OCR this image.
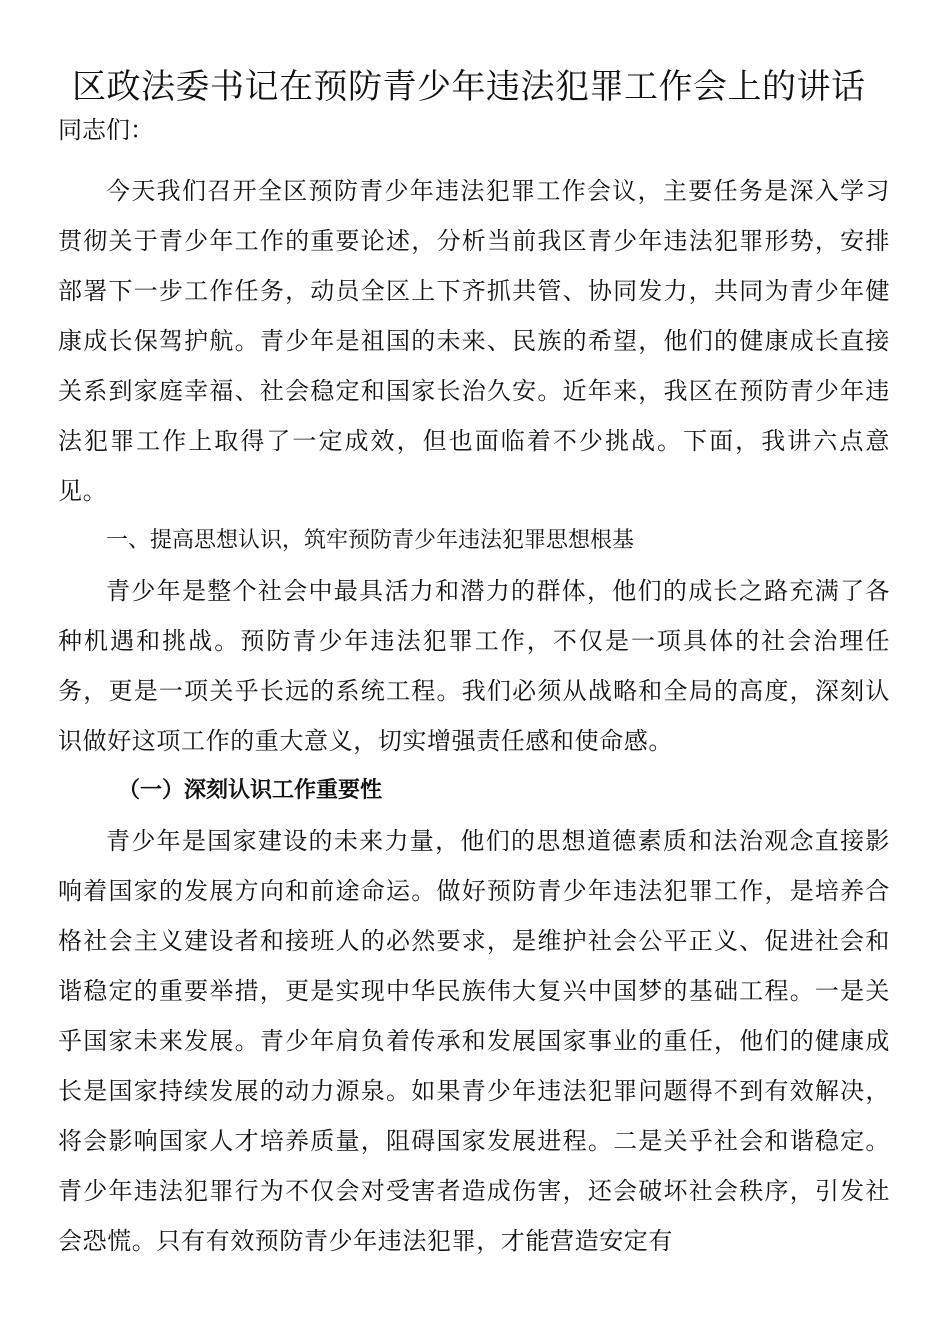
区政法委书记在预防青少年违法犯罪工作会上的讲话

同志们：

今天我们召开全区预防青少年违法犯罪工作会议，主要任务是深入学习贯彻关于青少年工作的重要论述，分析当前我区青少年违法犯罪形势，安排部署下一步工作任务，动员全区上下齐抓共管、协同发力，共同为青少年健康成长保驾护航。青少年是祖国的未来、民族的希望，他们的健康成长直接关系到家庭幸福、社会稳定和国家长治久安。近年来，我区在预防青少年违法犯罪工作上取得了一定成效，但也面临着不少挑战。下面，我讲六点意见。

一、提高思想认识，筑牢预防青少年违法犯罪思想根基

青少年是整个社会中最具活力和潜力的群体，他们的成长之路充满了各种机遇和挑战。预防青少年违法犯罪工作，不仅是一项具体的社会治理任务，更是一项关乎长远的系统工程。我们必须从战略和全局的高度，深刻认识做好这项工作的重大意义，切实增强责任感和使命感。

（一）深刻认识工作重要性

青少年是国家建设的未来力量，他们的思想道德素质和法治观念直接影响着国家的发展方向和前途命运。做好预防青少年违法犯罪工作，是培养合格社会主义建设者和接班人的必然要求，是维护社会公平正义、促进社会和谐稳定的重要举措，更是实现中华民族伟大复兴中国梦的基础工程。一是关乎国家未来发展。青少年肩负着传承和发展国家事业的重任，他们的健康成长是国家持续发展的动力源泉。如果青少年违法犯罪问题得不到有效解决，将会影响国家人才培养质量，阻碍国家发展进程。二是关乎社会和谐稳定。青少年违法犯罪行为不仅会对受害者造成伤害，还会破坏社会秩序，引发社会恐慌。只有有效预防青少年违法犯罪，才能营造安定有
